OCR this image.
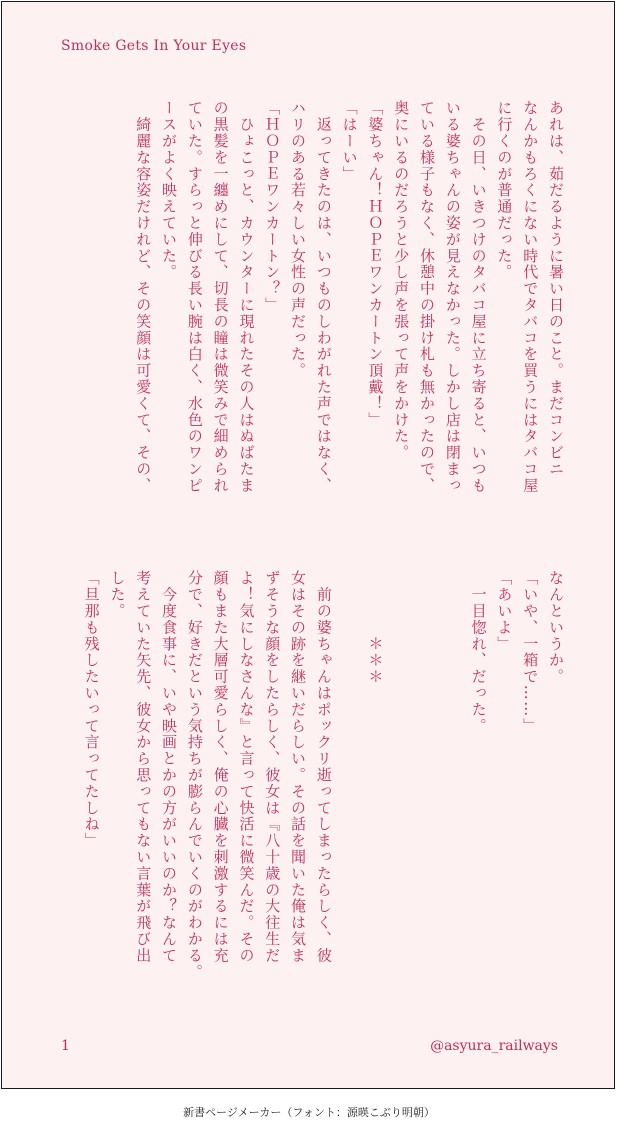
Smoke Gets In Your Eyes
あれは、茹だるように暑い日のこと。まだコンビニ
なんかもろくにない時代でタバコを買うにはタバコ屋
に行くのが普通だった。
　その日、いきつけのタバコ屋に立ち寄ると、いつも
いる婆ちゃんの姿が見えなかった。しかし店は閉まっ
ている様子もなく、休憩中の掛け札も無かったので、
奥にいるのだろうと少し声を張って声をかけた。
「婆ちゃん！ＨＯＰＥワンカートン頂戴！」
「はーい」
　返ってきたのは、いつものしわがれた声ではなく、
ハリのある若々しい女性の声だった。
「ＨＯＰＥワンカートン？」
　ひょこっと、カウンターに現れたその人はぬばたま
の黒髪を一纏めにして、切長の瞳は微笑みで細められ
ていた。すらっと伸びる長い腕は白く、水色のワンピ
ースがよく映えていた。
　綺麗な容姿だけれど、その笑顔は可愛くて、その、
なんというか。
「いや、一箱で……」
「あいよ」
　一目惚れ、だった。
　　　　＊＊＊
　前の婆ちゃんはポックリ逝ってしまったらしく、彼
女はその跡を継いだらしい。その話を聞いた俺は気ま
ずそうな顔をしたらしく、彼女は『八十歳の大往生だ
よ！気にしなさんな』と言って快活に微笑んだ。その
顔もまた大層可愛らしく、俺の心臓を刺激するには充
分で、好きだという気持ちが膨らんでいくのがわかる。
　今度食事に、いや映画とかの方がいいのか？なんて
考えていた矢先、彼女から思ってもない言葉が飛び出
した。
「旦那も残したいって言ってたしね」
1	@asyura_railways
新書ページメーカー（フォント：源暎こぶり明朝）
